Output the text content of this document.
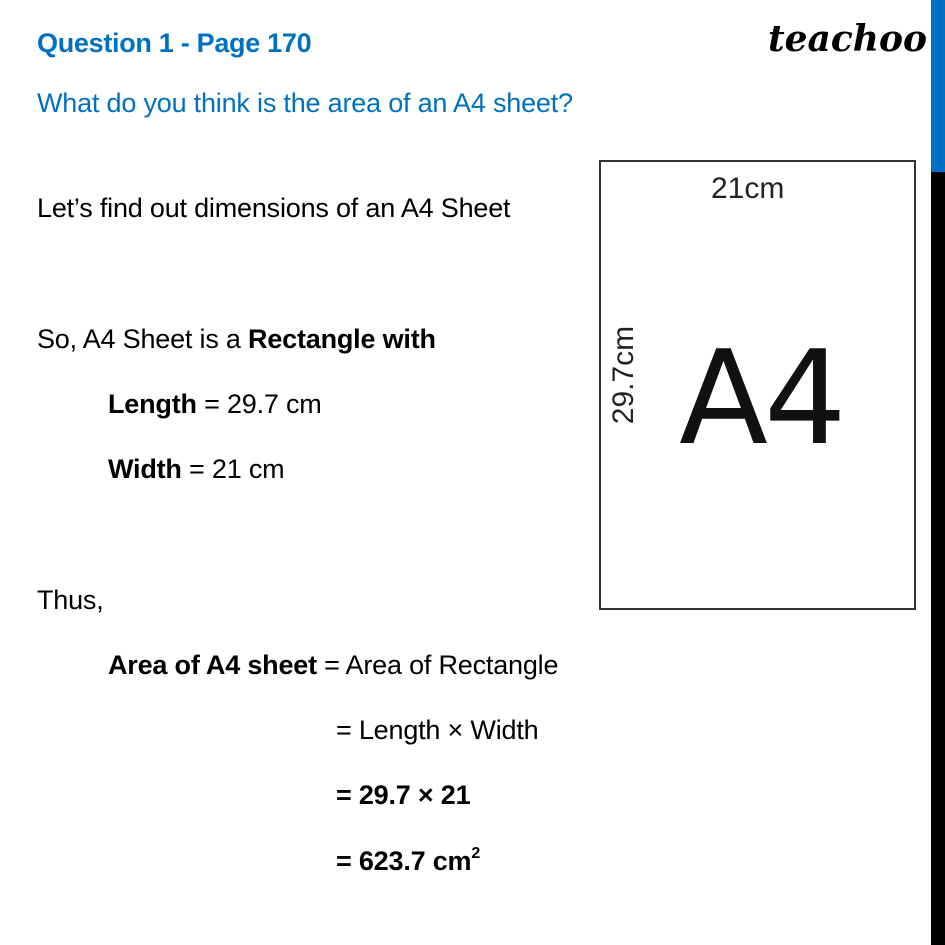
Question 1 - Page 170
What do you think is the area of an A4 sheet?
teachoo
21cm
29.7cm A4
Let’s find out dimensions of an A4 Sheet
So, A4 Sheet is a Rectangle with
Length = 29.7 cm
Width = 21 cm
Thus,
Area of A4 sheet = Area of Rectangle
= Length × Width
= 29.7 × 21
= 623.7 $cm^2$
